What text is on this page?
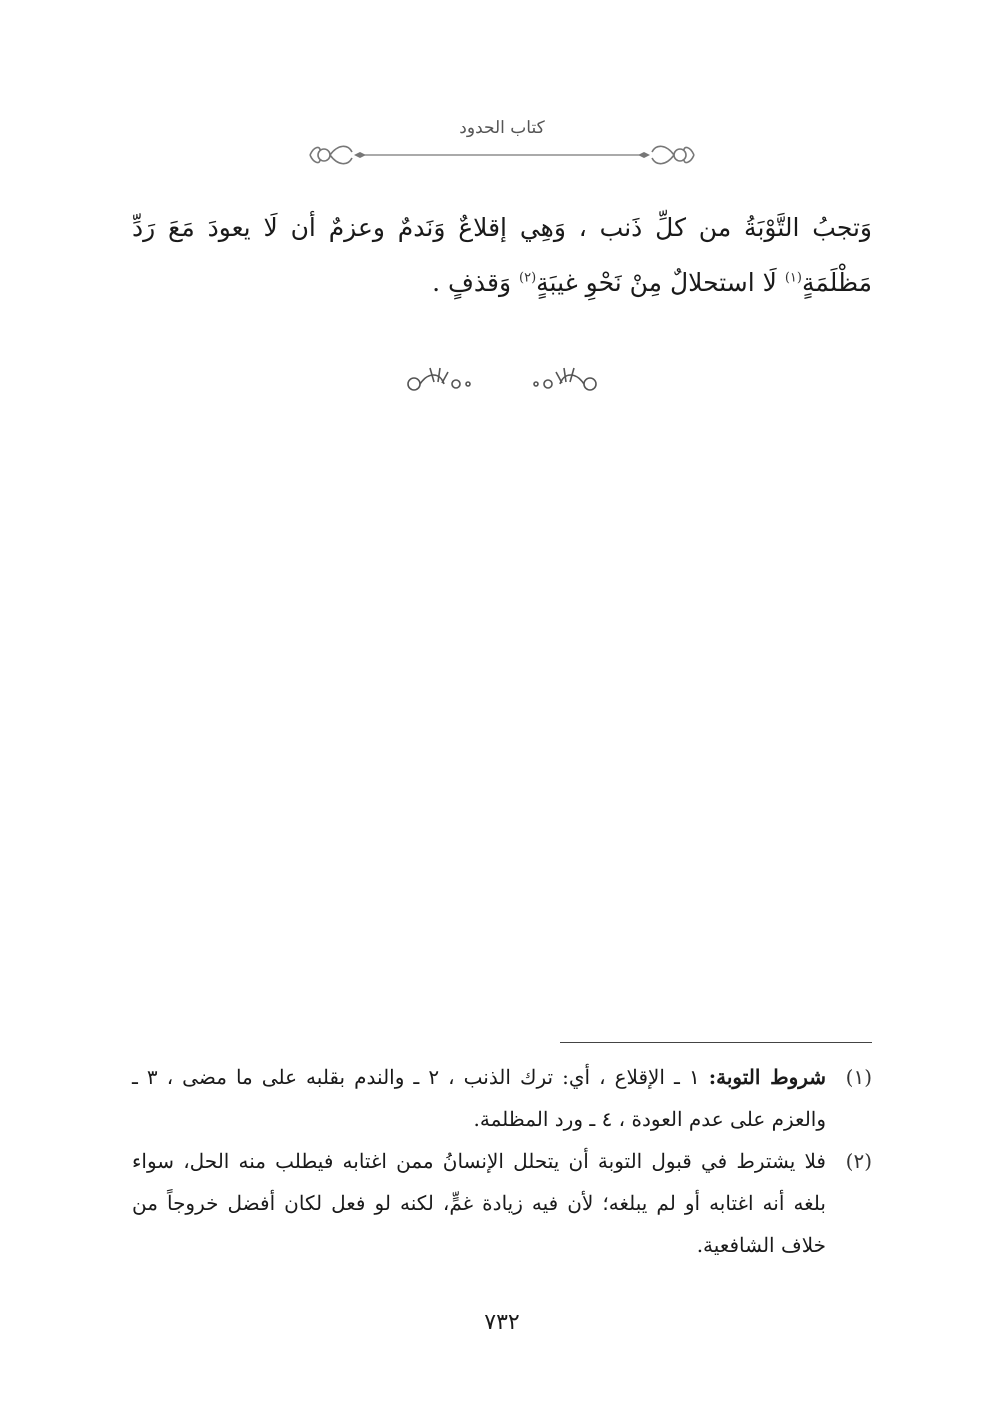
كتاب الحدود

وَتجبُ التَّوْبَةُ من كلِّ ذَنب ، وَهِي إقلاعٌ وَنَدمٌ وعزمٌ أن لَا يعودَ مَعَ رَدِّ مَظْلَمَةٍ$^{(١)}$ لَا استحلالٌ مِنْ نَحْوِ غيبَةٍ$^{(٢)}$ وَقذفٍ .

(١)
شروط التوبة: ١ ـ الإقلاع ، أي: ترك الذنب ، ٢ ـ والندم بقلبه على ما مضى ، ٣ ـ والعزم على عدم العودة ، ٤ ـ ورد المظلمة.
(٢)
فلا يشترط في قبول التوبة أن يتحلل الإنسانُ ممن اغتابه فيطلب منه الحل، سواء بلغه أنه اغتابه أو لم يبلغه؛ لأن فيه زيادة غمٍّ، لكنه لو فعل لكان أفضل خروجاً من خلاف الشافعية.
٧٣٢
